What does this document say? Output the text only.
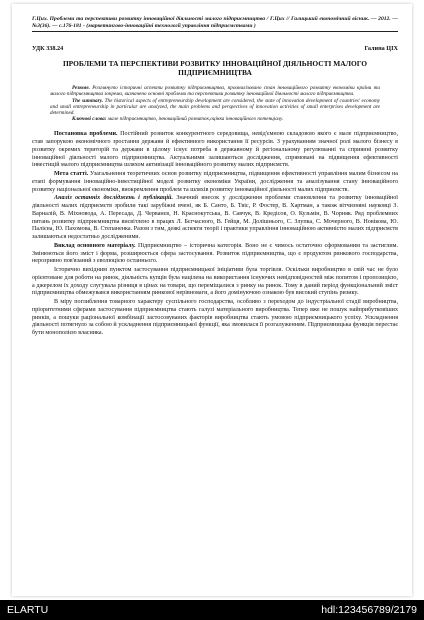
Г.Цих. Проблеми та перспективи розвитку інноваційної діяльності малого підприємництва / Г.Цих // Галицький економічний вісник. — 2012. — №3(36). — с.176-181 - (маркетингово-інноваційні технології управління підприємствами )
УДК 338.24	Галина ЦІХ
ПРОБЛЕМИ ТА ПЕРСПЕКТИВИ РОЗВИТКУ ІННОВАЦІЙНОЇ ДІЯЛЬНОСТІ МАЛОГО ПІДПРИЄМНИЦТВА

Резюме. Розглянуто історичні аспекти розвитку підприємництва, проаналізовано стан інноваційного розвитку економіки країни та малого підприємництва зокрема, визначено основні проблеми та перспективи розвитку інноваційної діяльності малого підприємництва.

The summary. The historical aspects of entrepreneurship development are considered, the state of innovation development of countries' economy and small entrepreneurship in particular are analyzed, the main problems and perspectives of innovation activities of small enterprises development are determined.

Ключові слова: мале підприємництво, інноваційний розвиток,оцінка інноваційного потенціалу.

Постановка проблеми. Постійний розвиток конкурентного середовища, невід'ємною складовою якого є мале підприємництво, став запорукою економічного зростання держави й ефективного використання її ресурсів. З урахуванням значної ролі малого бізнесу в розвитку окремих територій та держави в цілому існує потреба в державному й регіональному регулюванні та сприянні розвитку інноваційної діяльності малого підприємництва. Актуальними залишаються дослідження, спрямовані на підвищення ефективності інвестицій малого підприємництва шляхом активізації інноваційного розвитку малих підприємств.

Мета статті. Узагальнення теоретичних основ розвитку підприємництва, підвищення ефективності управління малим бізнесом на етапі формування інноваційно-інвестиційної моделі розвитку економіки України, дослідження та аналізування стану інноваційного розвитку національної економіки, виокремлення проблем та шляхів розвитку інноваційної діяльності малих підприємств.

Аналіз останніх досліджень і публікацій. Значний внесок у дослідження проблеми становлення та розвитку інноваційної діяльності малих підприємств зробили такі зарубіжні вчені, як Б. Санто, Б. Твіс, Р. Фостер, В. Хартман, а також вітчизняні науковці З. Варналій, В. Міхновода, А. Пересада, Д. Черванєв, Н. Краснокутська, В. Савчук, В. Кредісов, О. Кузьмін, В. Чорняк. Ряд проблемних питань розвитку підприємництва висвітлено в працях Л. Бєгчасного, В. Гейця, М. Долішнього, С. Злупка, С. Мочерного, В. Новікова, Ю. Палієна, Ю. Пахомова, В. Степаненка. Разом з тим, деякі аспекти теорії і практики управління інноваційною активністю малих підприємств залишаються недостатньо дослідженими.

Виклад основного матеріалу. Підприємництво – історична категорія. Воно не є чимось остаточно сформованим та застиглим. Змінюються його зміст і форма, розширюється сфера застосування. Розвиток підприємництва, що є продуктом ринкового господарства, нерозривно пов'язаний з еволюцією останнього.

Історично вихідним пунктом застосування підприємницької ініціативи була торгівля. Оскільки виробництво в свій час не було орієнтоване для роботи на ринок, діяльність купців була націлена на використання існуючих невідповідностей між попитом і пропозицією, а джерелом їх доходу слугувала різниця в цінах на товари, що переміщалися з ринку на ринок. Тому в даний період функціональний зміст підприємництва обмежувався використанням ринкової нерівноваги, а його домінуючою ознакою був високий ступінь ризику.

В міру поглиблення товарного характеру суспільного господарства, особливо з переходом до індустріальної стадії виробництва, пріоритетними сферами застосування підприємництва стають галузі матеріального виробництва. Тепер вже не пошук найприбутковіших ринків, а пошуки раціональної комбінації застосовуваних факторів виробництва стають умовою підприємницького успіху. Ускладнення діяльності потягнуло за собою й ускладнення підприємницької функції, яка змовилася її розгалуженням. Підприємницька функція перестає бути монополією власника.

ELARTU	hdl:123456789/2179
